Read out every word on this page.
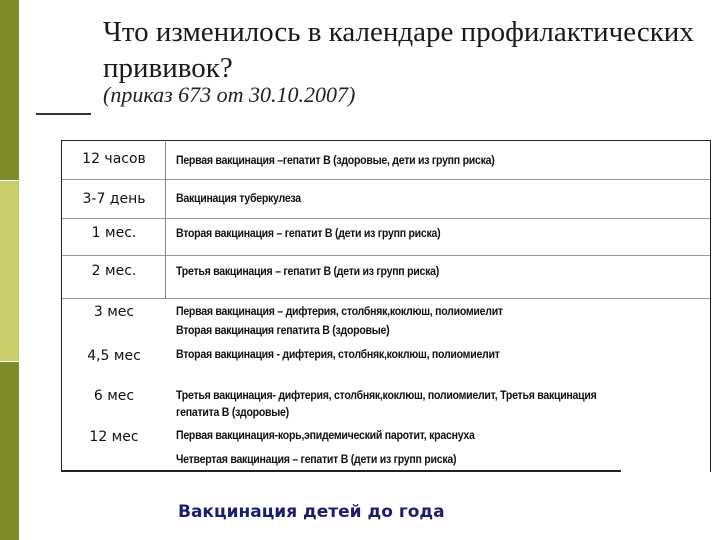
Что изменилось в календаре профилактических прививок?
(приказ 673 от 30.10.2007)
12 часов	Первая вакцинация –гепатит В (здоровые, дети из групп риска)
3-7 день	Вакцинация туберкулеза
1 мес.	Вторая вакцинация – гепатит В (дети из групп риска)
2 мес.	Третья вакцинация – гепатит В (дети из групп риска)
3 мес	Первая вакцинация – дифтерия, столбняк,коклюш, полиомиелит
Вторая вакцинация гепатита В (здоровые)
4,5 мес	Вторая вакцинация - дифтерия, столбняк,коклюш, полиомиелит
6 мес	Третья вакцинация- дифтерия, столбняк,коклюш, полиомиелит, Третья вакцинация
гепатита В (здоровые)
12 мес	Первая вакцинация-корь,эпидемический паротит, краснуха
Четвертая вакцинация – гепатит В (дети из групп риска)
Вакцинация детей до года
